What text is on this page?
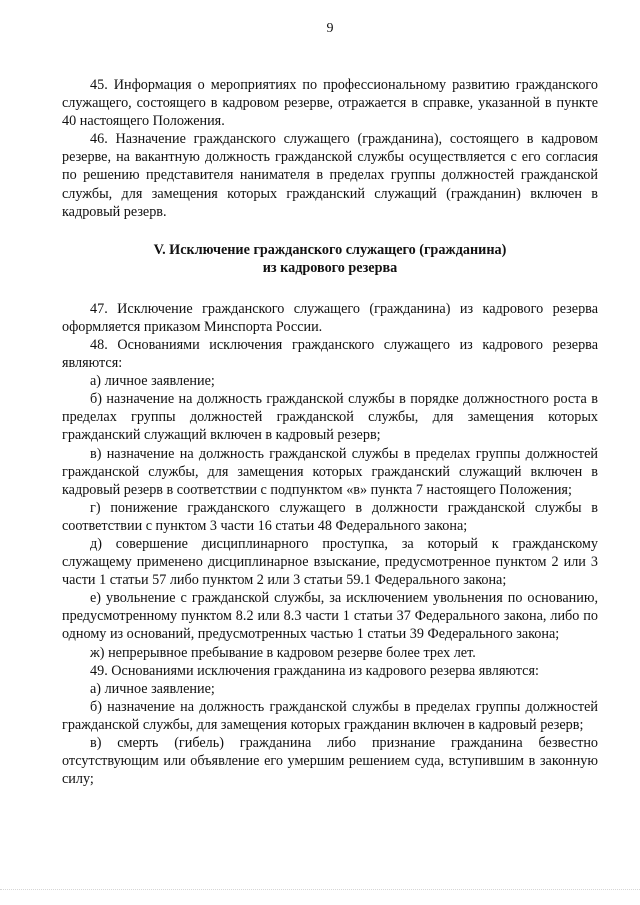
9

45. Информация о мероприятиях по профессиональному развитию гражданского служащего, состоящего в кадровом резерве, отражается в справке, указанной в пункте 40 настоящего Положения.

46. Назначение гражданского служащего (гражданина), состоящего в кадровом резерве, на вакантную должность гражданской службы осуществляется с его согласия по решению представителя нанимателя в пределах группы должностей гражданской службы, для замещения которых гражданский служащий (гражданин) включен в кадровый резерв.

V. Исключение гражданского служащего (гражданина)
из кадрового резерва

47. Исключение гражданского служащего (гражданина) из кадрового резерва оформляется приказом Минспорта России.

48. Основаниями исключения гражданского служащего из кадрового резерва являются:

а) личное заявление;

б) назначение на должность гражданской службы в порядке должностного роста в пределах группы должностей гражданской службы, для замещения которых гражданский служащий включен в кадровый резерв;

в) назначение на должность гражданской службы в пределах группы должностей гражданской службы, для замещения которых гражданский служащий включен в кадровый резерв в соответствии с подпунктом «в» пункта 7 настоящего Положения;

г) понижение гражданского служащего в должности гражданской службы в соответствии с пунктом 3 части 16 статьи 48 Федерального закона;

д) совершение дисциплинарного проступка, за который к гражданскому служащему применено дисциплинарное взыскание, предусмотренное пунктом 2 или 3 части 1 статьи 57 либо пунктом 2 или 3 статьи 59.1 Федерального закона;

е) увольнение с гражданской службы, за исключением увольнения по основанию, предусмотренному пунктом 8.2 или 8.3 части 1 статьи 37 Федерального закона, либо по одному из оснований, предусмотренных частью 1 статьи 39 Федерального закона;

ж) непрерывное пребывание в кадровом резерве более трех лет.

49. Основаниями исключения гражданина из кадрового резерва являются:

а) личное заявление;

б) назначение на должность гражданской службы в пределах группы должностей гражданской службы, для замещения которых гражданин включен в кадровый резерв;

в) смерть (гибель) гражданина либо признание гражданина безвестно отсутствующим или объявление его умершим решением суда, вступившим в законную силу;
